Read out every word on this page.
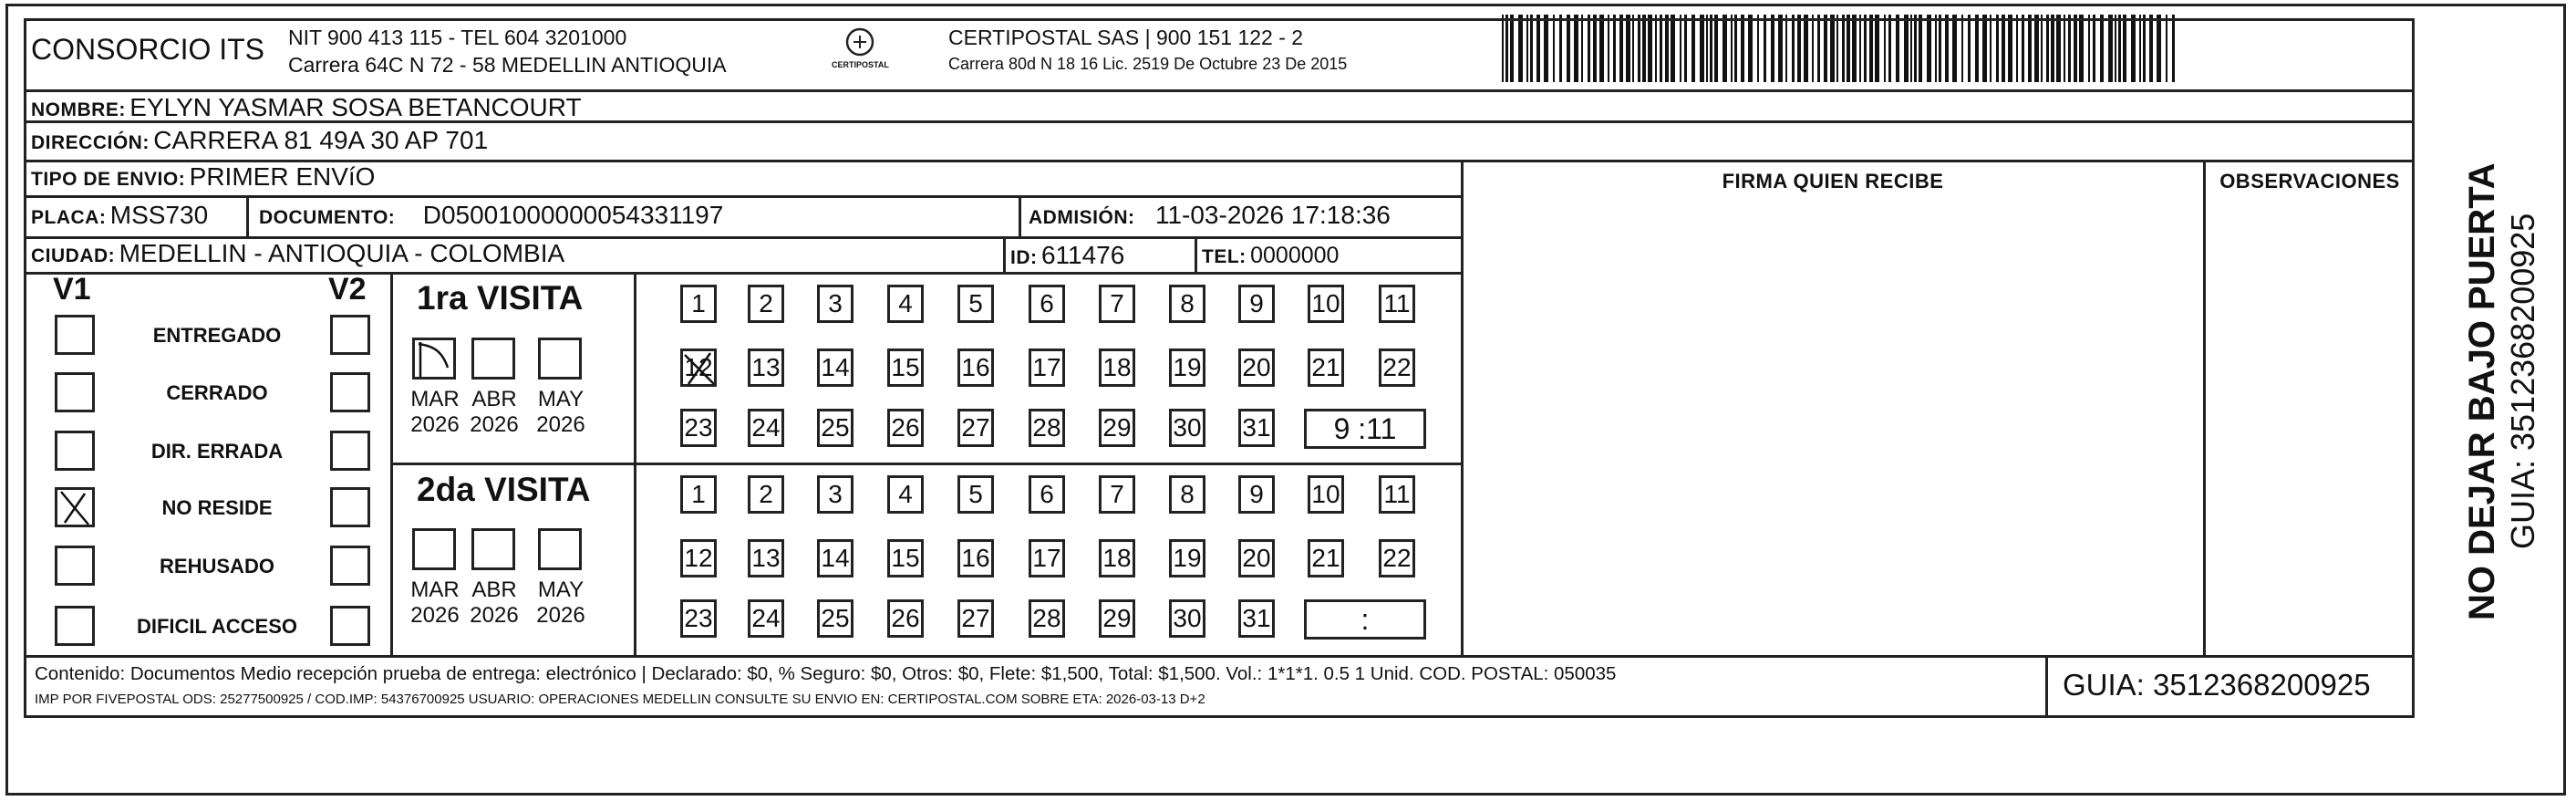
CONSORCIO ITS NIT 900 413 115 - TEL 604 3201000
Carrera 64C N 72 - 58 MEDELLIN ANTIOQUIA	CERTIPOSTAL
CERTIPOSTAL SAS | 900 151 122 - 2
Carrera 80d N 18 16 Lic. 2519 De Octubre 23 De 2015
NOMBRE: EYLYN YASMAR SOSA BETANCOURT
DIRECCIÓN: CARRERA 81 49A 30 AP 701
TIPO DE ENVIO: PRIMER ENVíO
PLACA: MSS730	DOCUMENTO: D05001000000054331197	ADMISIÓN: 11-03-2026 17:18:36
CIUDAD: MEDELLIN - ANTIOQUIA - COLOMBIA	ID: 611476	TEL: 0000000
FIRMA QUIEN RECIBE	OBSERVACIONES
V1	V2
ENTREGADO
CERRADO
DIR. ERRADA
NO RESIDE
REHUSADO
DIFICIL ACCESO
1ra VISITA
2da VISITA
MAR
2026
ABR
2026
MAY
2026
1	2	3	4	5	6	7	8	9	10 11
12 13 14 15 16 17 18 19 20 21 22
23 24 25 26 27 28 29 30 31	9 :11
MAR
2026
ABR
2026
MAY
2026
1	2	3	4	5	6	7	8	9	10 11
12 13 14 15 16 17 18 19 20 21 22
23 24 25 26 27 28 29 30 31	:
Contenido: Documentos Medio recepción prueba de entrega: electrónico | Declarado: $0, % Seguro: $0, Otros: $0, Flete: $1,500, Total: $1,500. Vol.: 1*1*1. 0.5 1 Unid. COD. POSTAL: 050035
IMP POR FIVEPOSTAL ODS: 25277500925 / COD.IMP: 54376700925 USUARIO: OPERACIONES MEDELLIN CONSULTE SU ENVIO EN: CERTIPOSTAL.COM SOBRE ETA: 2026-03-13 D+2	GUIA: 3512368200925
NO DEJAR BAJO PUERTA GUIA: 3512368200925
